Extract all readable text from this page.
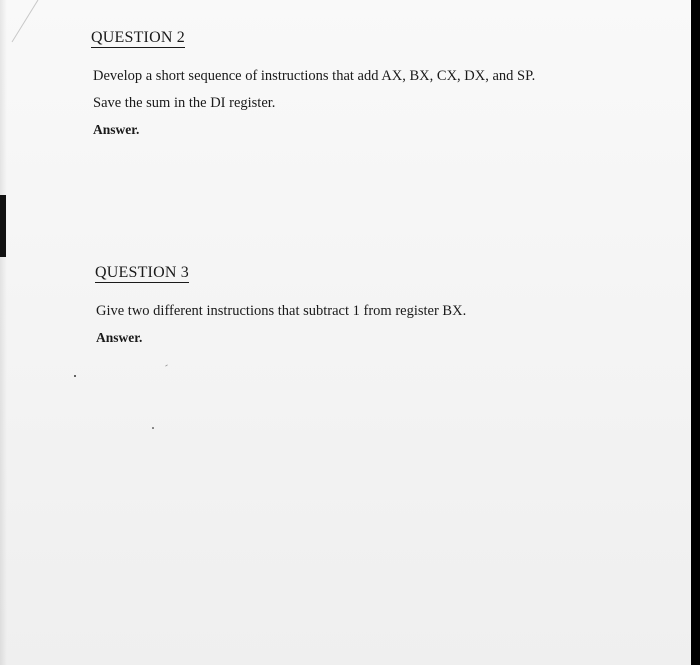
QUESTION 2

Develop a short sequence of instructions that add AX, BX, CX, DX, and SP.

Save the sum in the DI register.

Answer.

QUESTION 3

Give two different instructions that subtract 1 from register BX.

Answer.
